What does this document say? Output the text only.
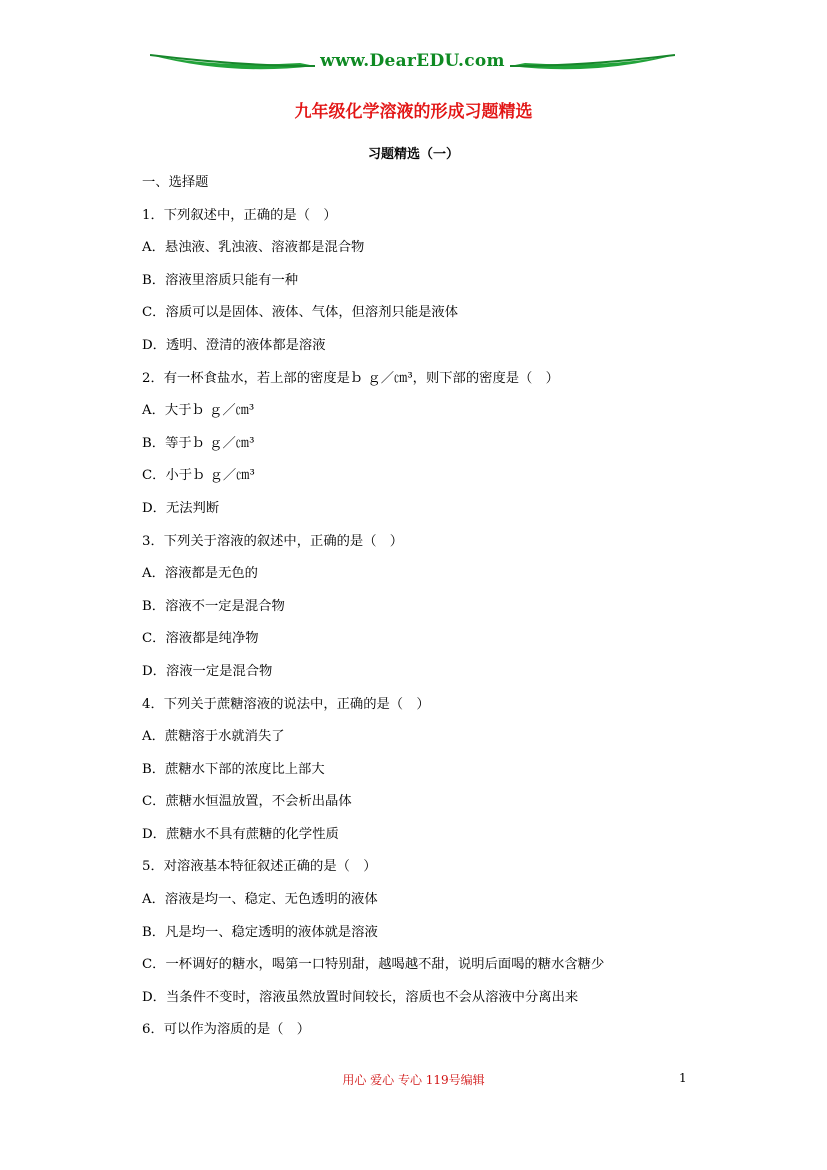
www.DearEDU.com
九年级化学溶液的形成习题精选
习题精选（一）
一、选择题
1．下列叙述中，正确的是（　）
A．悬浊液、乳浊液、溶液都是混合物
B．溶液里溶质只能有一种
C．溶质可以是固体、液体、气体，但溶剂只能是液体
D．透明、澄清的液体都是溶液
2．有一杯食盐水，若上部的密度是ｂ ｇ／㎝³，则下部的密度是（　）
A．大于ｂ ｇ／㎝³
B．等于ｂ ｇ／㎝³
C．小于ｂ ｇ／㎝³
D．无法判断
3．下列关于溶液的叙述中，正确的是（　）
A．溶液都是无色的
B．溶液不一定是混合物
C．溶液都是纯净物
D．溶液一定是混合物
4．下列关于蔗糖溶液的说法中，正确的是（　）
A．蔗糖溶于水就消失了
B．蔗糖水下部的浓度比上部大
C．蔗糖水恒温放置，不会析出晶体
D．蔗糖水不具有蔗糖的化学性质
5．对溶液基本特征叙述正确的是（　）
A．溶液是均一、稳定、无色透明的液体
B．凡是均一、稳定透明的液体就是溶液
C．一杯调好的糖水，喝第一口特别甜，越喝越不甜，说明后面喝的糖水含糖少
D．当条件不变时，溶液虽然放置时间较长，溶质也不会从溶液中分离出来
6．可以作为溶质的是（　）
用心 爱心 专心 119号编辑	1
